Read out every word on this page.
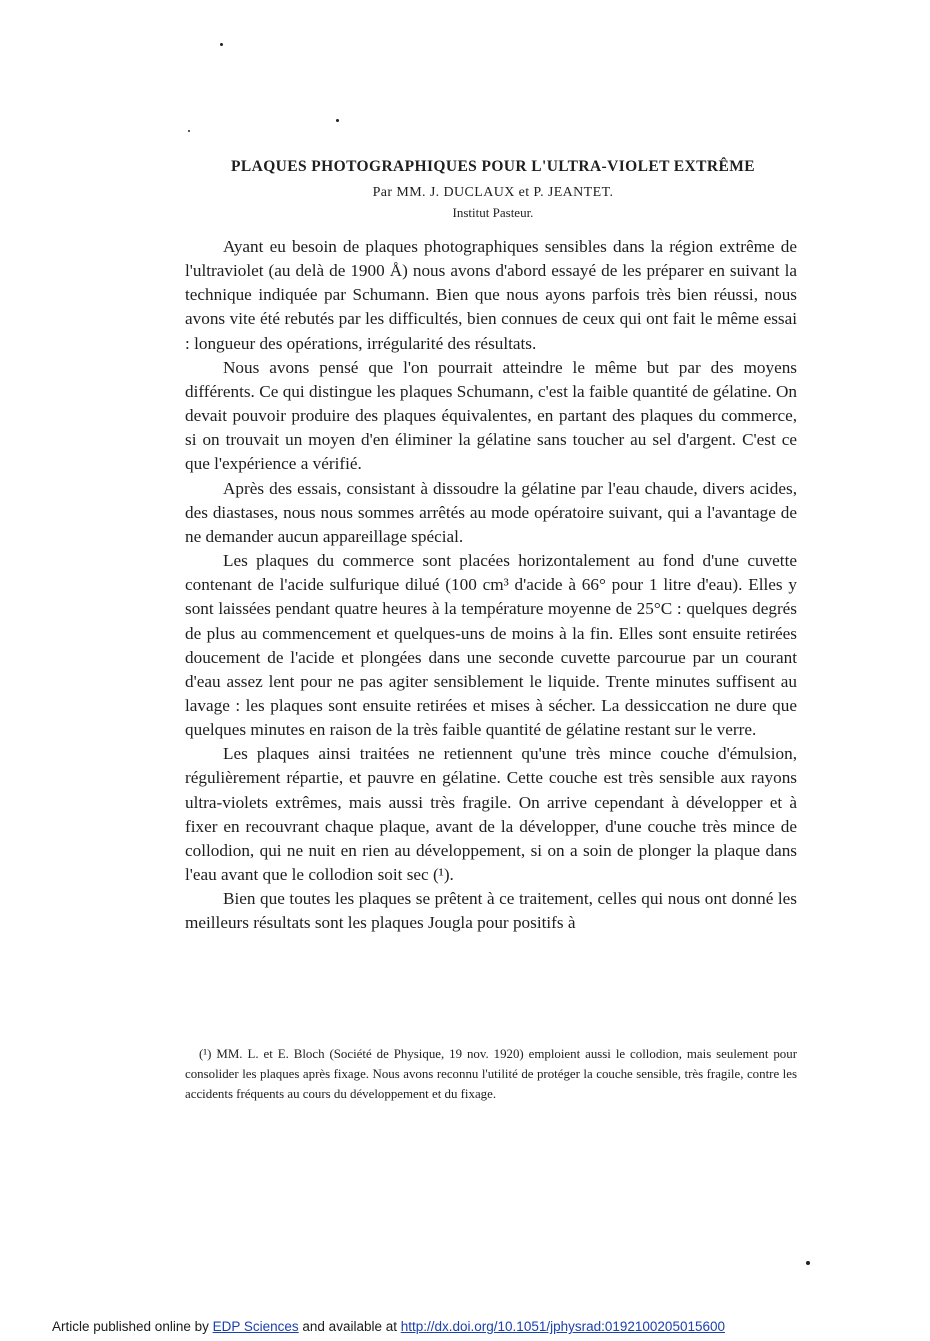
PLAQUES PHOTOGRAPHIQUES POUR L'ULTRA-VIOLET EXTRÊME
Par MM. J. DUCLAUX et P. JEANTET.
Institut Pasteur.

Ayant eu besoin de plaques photographiques sensibles dans la région extrême de l'ultraviolet (au delà de 1900 Å) nous avons d'abord essayé de les préparer en suivant la technique indiquée par Schumann. Bien que nous ayons parfois très bien réussi, nous avons vite été rebutés par les difficultés, bien connues de ceux qui ont fait le même essai : longueur des opérations, irrégularité des résultats.

Nous avons pensé que l'on pourrait atteindre le même but par des moyens différents. Ce qui distingue les plaques Schumann, c'est la faible quantité de gélatine. On devait pouvoir produire des plaques équivalentes, en partant des plaques du commerce, si on trouvait un moyen d'en éliminer la gélatine sans toucher au sel d'argent. C'est ce que l'expérience a vérifié.

Après des essais, consistant à dissoudre la gélatine par l'eau chaude, divers acides, des diastases, nous nous sommes arrêtés au mode opératoire suivant, qui a l'avantage de ne demander aucun appareillage spécial.

Les plaques du commerce sont placées horizontalement au fond d'une cuvette contenant de l'acide sulfurique dilué (100 cm³ d'acide à 66° pour 1 litre d'eau). Elles y sont laissées pendant quatre heures à la température moyenne de 25°C : quelques degrés de plus au commencement et quelques-uns de moins à la fin. Elles sont ensuite retirées doucement de l'acide et plongées dans une seconde cuvette parcourue par un courant d'eau assez lent pour ne pas agiter sensiblement le liquide. Trente minutes suffisent au lavage : les plaques sont ensuite retirées et mises à sécher. La dessiccation ne dure que quelques minutes en raison de la très faible quantité de gélatine restant sur le verre.

Les plaques ainsi traitées ne retiennent qu'une très mince couche d'émulsion, régulièrement répartie, et pauvre en gélatine. Cette couche est très sensible aux rayons ultra-violets extrêmes, mais aussi très fragile. On arrive cependant à développer et à fixer en recouvrant chaque plaque, avant de la développer, d'une couche très mince de collodion, qui ne nuit en rien au développement, si on a soin de plonger la plaque dans l'eau avant que le collodion soit sec (¹).

Bien que toutes les plaques se prêtent à ce traitement, celles qui nous ont donné les meilleurs résultats sont les plaques Jougla pour positifs à

(¹) MM. L. et E. Bloch (Société de Physique, 19 nov. 1920) emploient aussi le collodion, mais seulement pour consolider les plaques après fixage. Nous avons reconnu l'utilité de protéger la couche sensible, très fragile, contre les accidents fréquents au cours du développement et du fixage.

Article published online by EDP Sciences and available at http://dx.doi.org/10.1051/jphysrad:0192100205015600
